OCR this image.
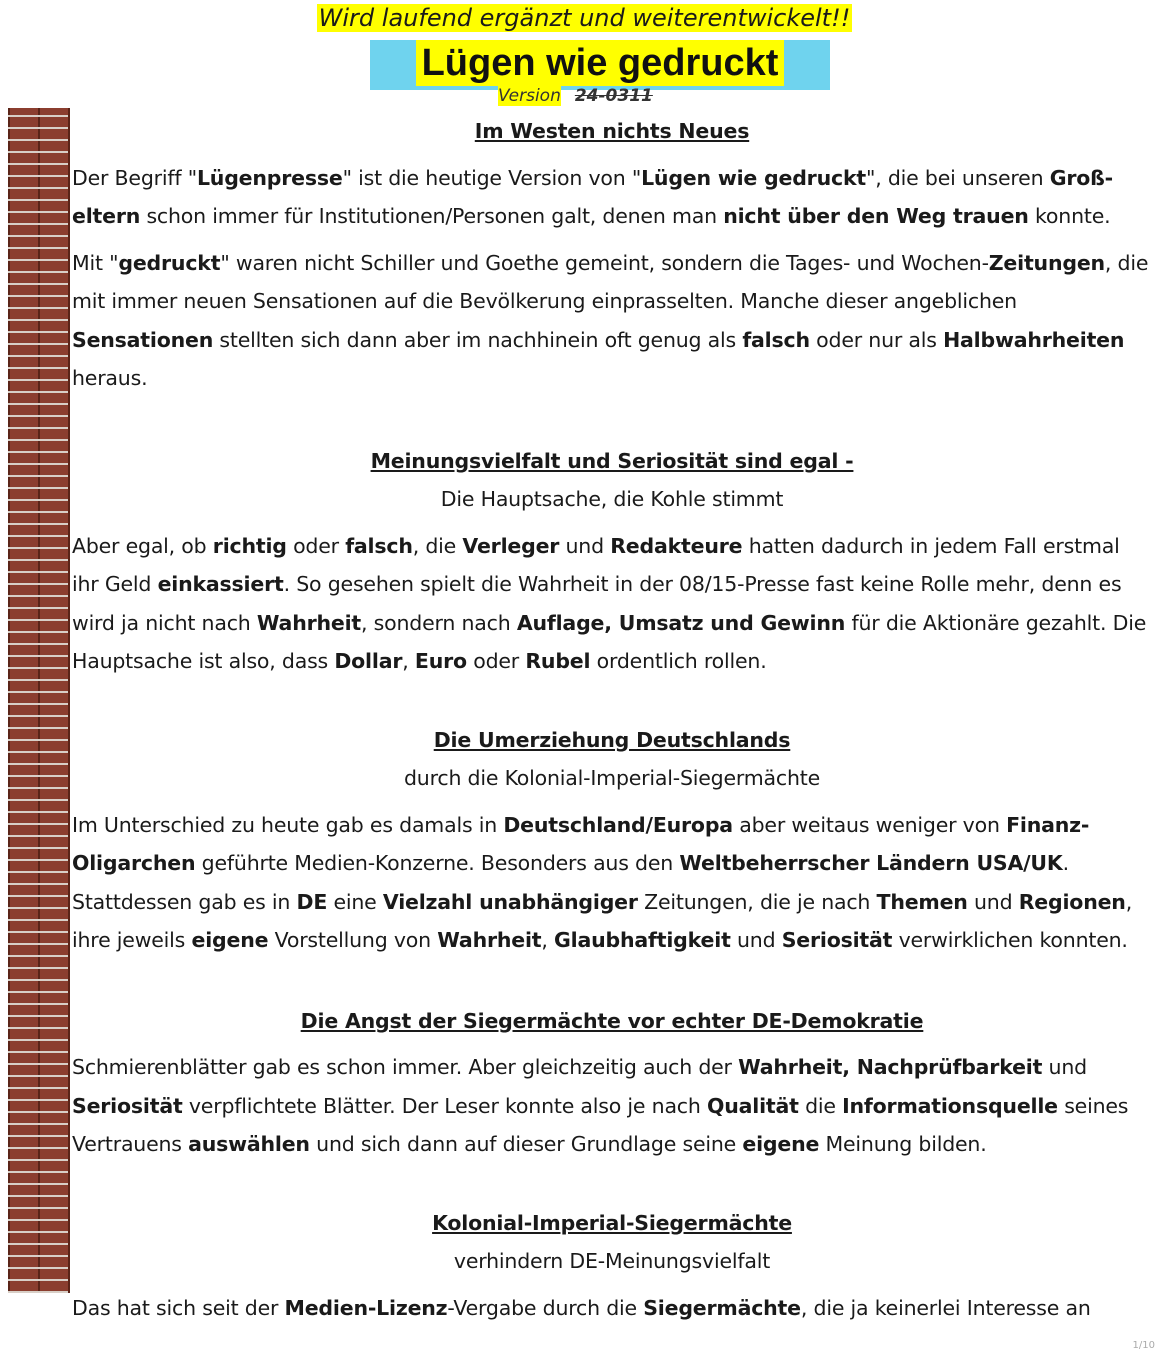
Wird laufend ergänzt und weiterentwickelt!!
Lügen wie gedruckt
Version 24-0311
Im Westen nichts Neues

Der Begriff "Lügenpresse" ist die heutige Version von "Lügen wie gedruckt", die bei unseren Groß-eltern schon immer für Institutionen/Personen galt, denen man nicht über den Weg trauen konnte.

Mit "gedruckt" waren nicht Schiller und Goethe gemeint, sondern die Tages- und Wochen-Zeitungen, die mit immer neuen Sensationen auf die Bevölkerung einprasselten. Manche dieser angeblichen Sensationen stellten sich dann aber im nachhinein oft genug als falsch oder nur als Halbwahrheiten heraus.

Meinungsvielfalt und Seriosität sind egal -
Die Hauptsache, die Kohle stimmt

Aber egal, ob richtig oder falsch, die Verleger und Redakteure hatten dadurch in jedem Fall erstmal ihr Geld einkassiert. So gesehen spielt die Wahrheit in der 08/15-Presse fast keine Rolle mehr, denn es wird ja nicht nach Wahrheit, sondern nach Auflage, Umsatz und Gewinn für die Aktionäre gezahlt. Die Hauptsache ist also, dass Dollar, Euro oder Rubel ordentlich rollen.

Die Umerziehung Deutschlands
durch die Kolonial-Imperial-Siegermächte

Im Unterschied zu heute gab es damals in Deutschland/Europa aber weitaus weniger von Finanz-Oligarchen geführte Medien-Konzerne. Besonders aus den Weltbeherrscher Ländern USA/UK. Stattdessen gab es in DE eine Vielzahl unabhängiger Zeitungen, die je nach Themen und Regionen, ihre jeweils eigene Vorstellung von Wahrheit, Glaubhaftigkeit und Seriosität verwirklichen konnten.

Die Angst der Siegermächte vor echter DE-Demokratie

Schmierenblätter gab es schon immer. Aber gleichzeitig auch der Wahrheit, Nachprüfbarkeit und Seriosität verpflichtete Blätter. Der Leser konnte also je nach Qualität die Informationsquelle seines Vertrauens auswählen und sich dann auf dieser Grundlage seine eigene Meinung bilden.

Kolonial-Imperial-Siegermächte
verhindern DE-Meinungsvielfalt

Das hat sich seit der Medien-Lizenz-Vergabe durch die Siegermächte, die ja keinerlei Interesse an

1/10
